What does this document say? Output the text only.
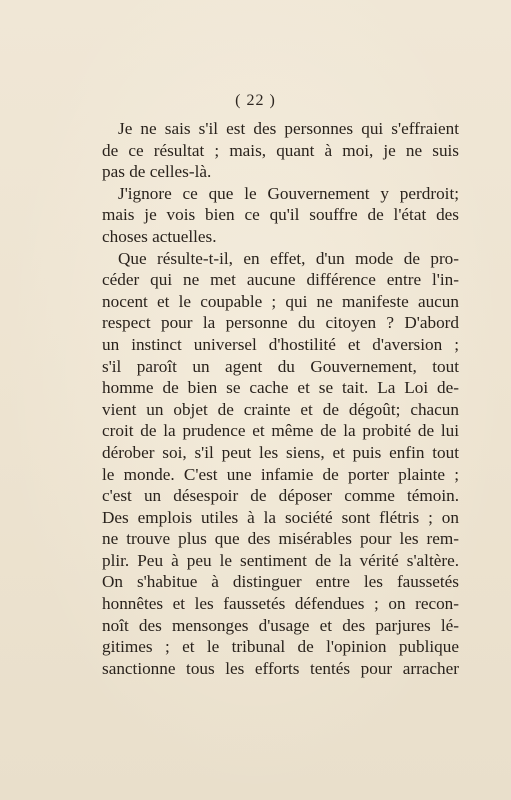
( 22 )
Je ne sais s'il est des personnes qui s'effraient
de ce résultat ; mais, quant à moi, je ne suis
pas de celles-là.
J'ignore ce que le Gouvernement y perdroit;
mais je vois bien ce qu'il souffre de l'état des
choses actuelles.
Que résulte-t-il, en effet, d'un mode de pro-
céder qui ne met aucune différence entre l'in-
nocent et le coupable ; qui ne manifeste aucun
respect pour la personne du citoyen ? D'abord
un instinct universel d'hostilité et d'aversion ;
s'il paroît un agent du Gouvernement, tout
homme de bien se cache et se tait. La Loi de-
vient un objet de crainte et de dégoût; chacun
croit de la prudence et même de la probité de lui
dérober soi, s'il peut les siens, et puis enfin tout
le monde. C'est une infamie de porter plainte ;
c'est un désespoir de déposer comme témoin.
Des emplois utiles à la société sont flétris ; on
ne trouve plus que des misérables pour les rem-
plir. Peu à peu le sentiment de la vérité s'altère.
On s'habitue à distinguer entre les faussetés
honnêtes et les faussetés défendues ; on recon-
noît des mensonges d'usage et des parjures lé-
gitimes ; et le tribunal de l'opinion publique
sanctionne tous les efforts tentés pour arracher
